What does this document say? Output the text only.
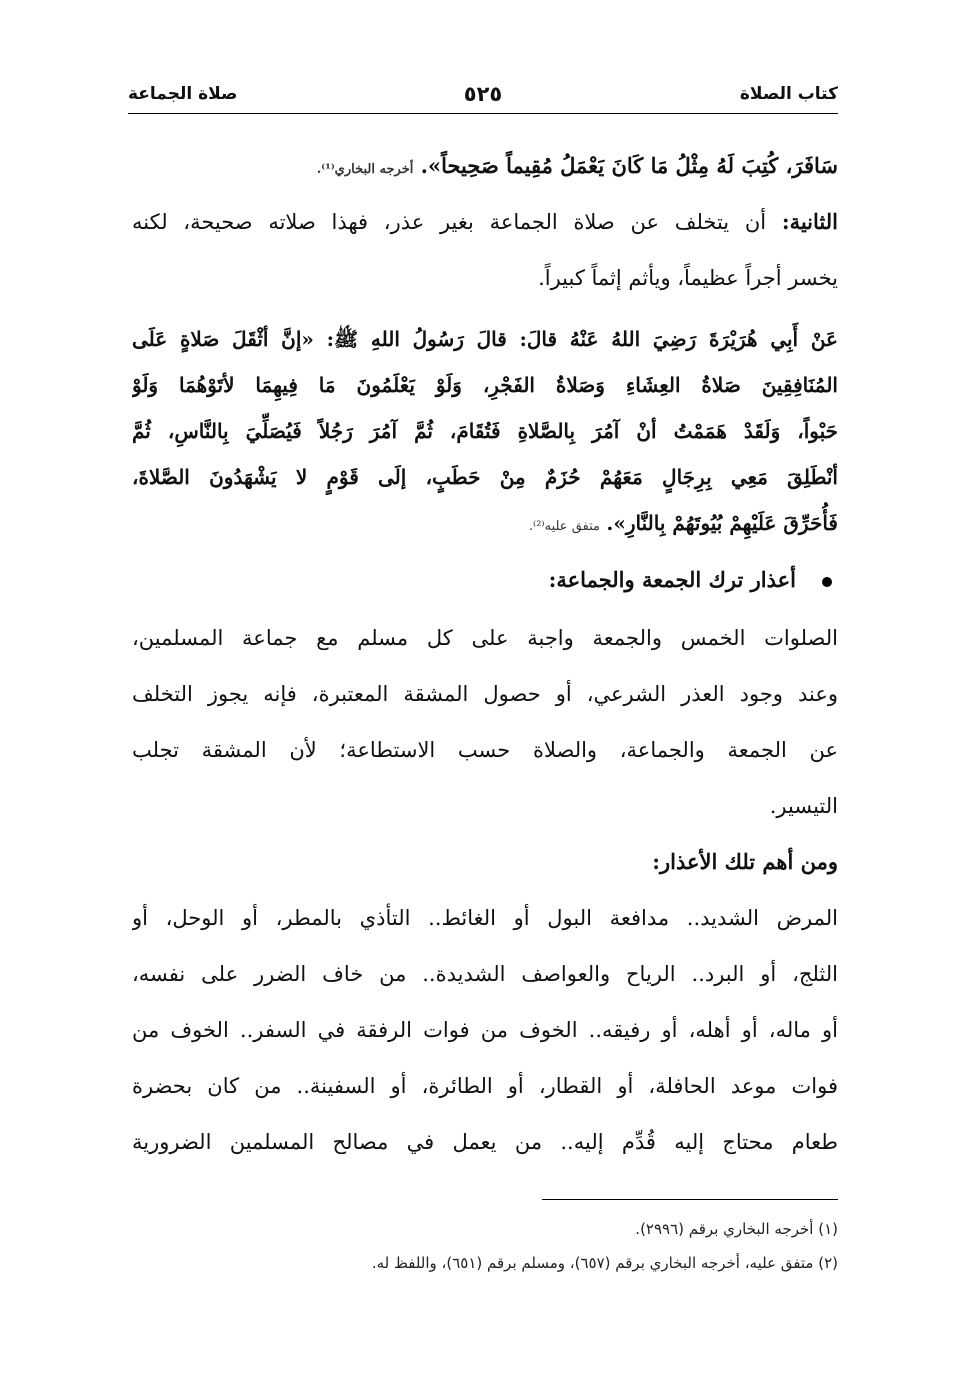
كتاب الصلاة
٥٢٥
صلاة الجماعة
سَافَرَ، كُتِبَ لَهُ مِثْلُ مَا كَانَ يَعْمَلُ مُقِيماً صَحِيحاً». أخرجه البخاري⁽¹⁾.
الثانية: أن يتخلف عن صلاة الجماعة بغير عذر، فهذا صلاته صحيحة، لكنه
يخسر أجراً عظيماً، ويأثم إثماً كبيراً.
عَنْ أَبِي هُرَيْرَةَ رَضِيَ اللهُ عَنْهُ قالَ: قالَ رَسُولُ اللهِ ﷺ: «إنَّ أثْقَلَ صَلاةٍ عَلَى
المُنَافِقِينَ صَلاةُ العِشَاءِ وَصَلاةُ الفَجْرِ، وَلَوْ يَعْلَمُونَ مَا فِيهِمَا لأتَوْهُمَا وَلَوْ
حَبْواً، وَلَقَدْ هَمَمْتُ أنْ آمُرَ بِالصَّلاةِ فَتُقَامَ، ثُمَّ آمُرَ رَجُلاً فَيُصَلِّيَ بِالنَّاسِ، ثُمَّ
أنْطَلِقَ مَعِي بِرِجَالٍ مَعَهُمْ حُزَمٌ مِنْ حَطَبٍ، إلَى قَوْمٍ لا يَشْهَدُونَ الصَّلاةَ،
فَأُحَرِّقَ عَلَيْهِمْ بُيُوتَهُمْ بِالنَّارِ». متفق عليه⁽²⁾.
أعذار ترك الجمعة والجماعة:
الصلوات الخمس والجمعة واجبة على كل مسلم مع جماعة المسلمين،
وعند وجود العذر الشرعي، أو حصول المشقة المعتبرة، فإنه يجوز التخلف
عن الجمعة والجماعة، والصلاة حسب الاستطاعة؛ لأن المشقة تجلب
التيسير.
ومن أهم تلك الأعذار:
المرض الشديد.. مدافعة البول أو الغائط.. التأذي بالمطر، أو الوحل، أو
الثلج، أو البرد.. الرياح والعواصف الشديدة.. من خاف الضرر على نفسه،
أو ماله، أو أهله، أو رفيقه.. الخوف من فوات الرفقة في السفر.. الخوف من
فوات موعد الحافلة، أو القطار، أو الطائرة، أو السفينة.. من كان بحضرة
طعام محتاج إليه قُدِّم إليه.. من يعمل في مصالح المسلمين الضرورية
(١) أخرجه البخاري برقم (٢٩٩٦).
(٢) متفق عليه، أخرجه البخاري برقم (٦٥٧)، ومسلم برقم (٦٥١)، واللفظ له.
